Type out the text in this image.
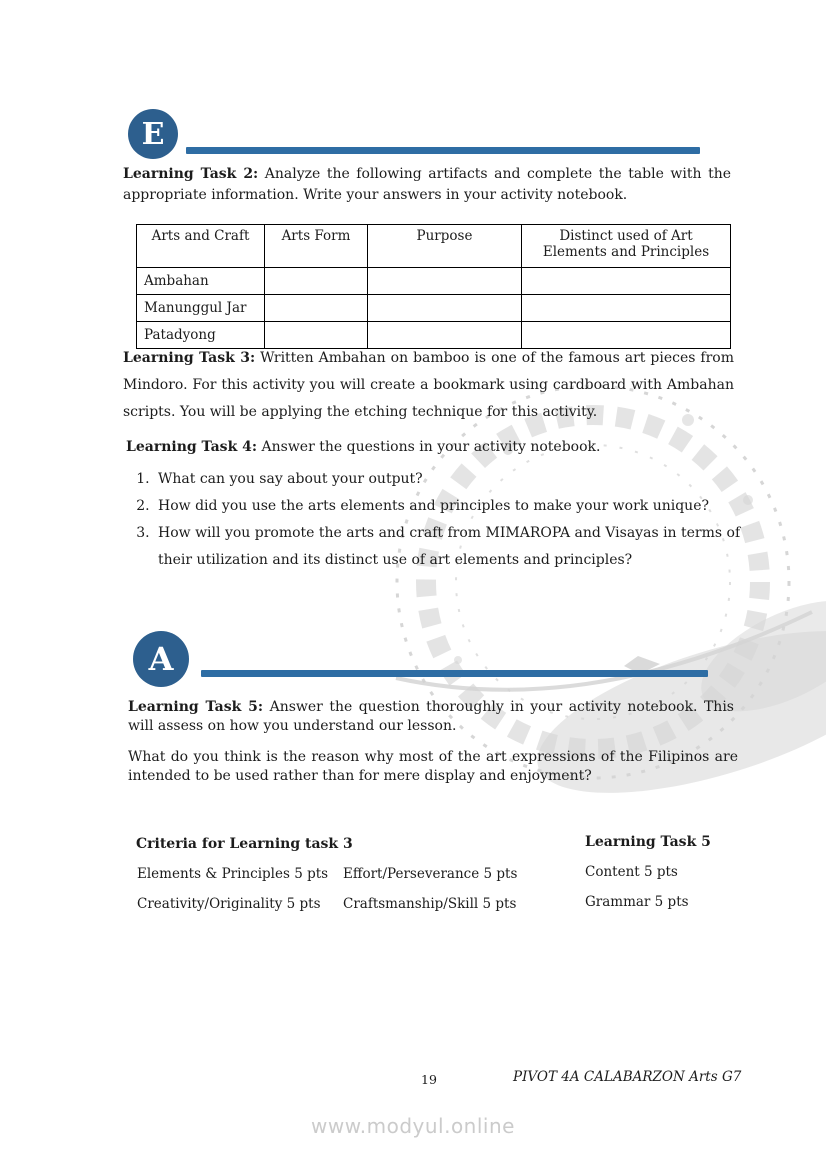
E

Learning Task 2: Analyze the following artifacts and complete the table with the appropriate information. Write your answers in your activity notebook.

Arts and Craft	Arts Form	Purpose	Distinct used of Art Elements and Principles
Ambahan			
Manunggul Jar			
Patadyong			

Learning Task 3: Written Ambahan on bamboo is one of the famous art pieces from Mindoro. For this activity you will create a bookmark using cardboard with Ambahan scripts. You will be applying the etching technique for this activity.

Learning Task 4: Answer the questions in your activity notebook.

1. What can you say about your output?
2. How did you use the arts elements and principles to make your work unique?
3. How will you promote the arts and craft from MIMAROPA and Visayas in terms of their utilization and its distinct use of art elements and principles?
A

Learning Task 5: Answer the question thoroughly in your activity notebook. This will assess on how you understand our lesson.

What do you think is the reason why most of the art expressions of the Filipinos are intended to be used rather than for mere display and enjoyment?

Criteria for Learning task 3	Learning Task 5
Elements & Principles 5 pts Effort/Perseverance 5 pts	Content 5 pts
Creativity/Originality 5 pts Craftsmanship/Skill 5 pts	Grammar 5 pts
19	PIVOT 4A CALABARZON Arts G7
www.modyul.online
